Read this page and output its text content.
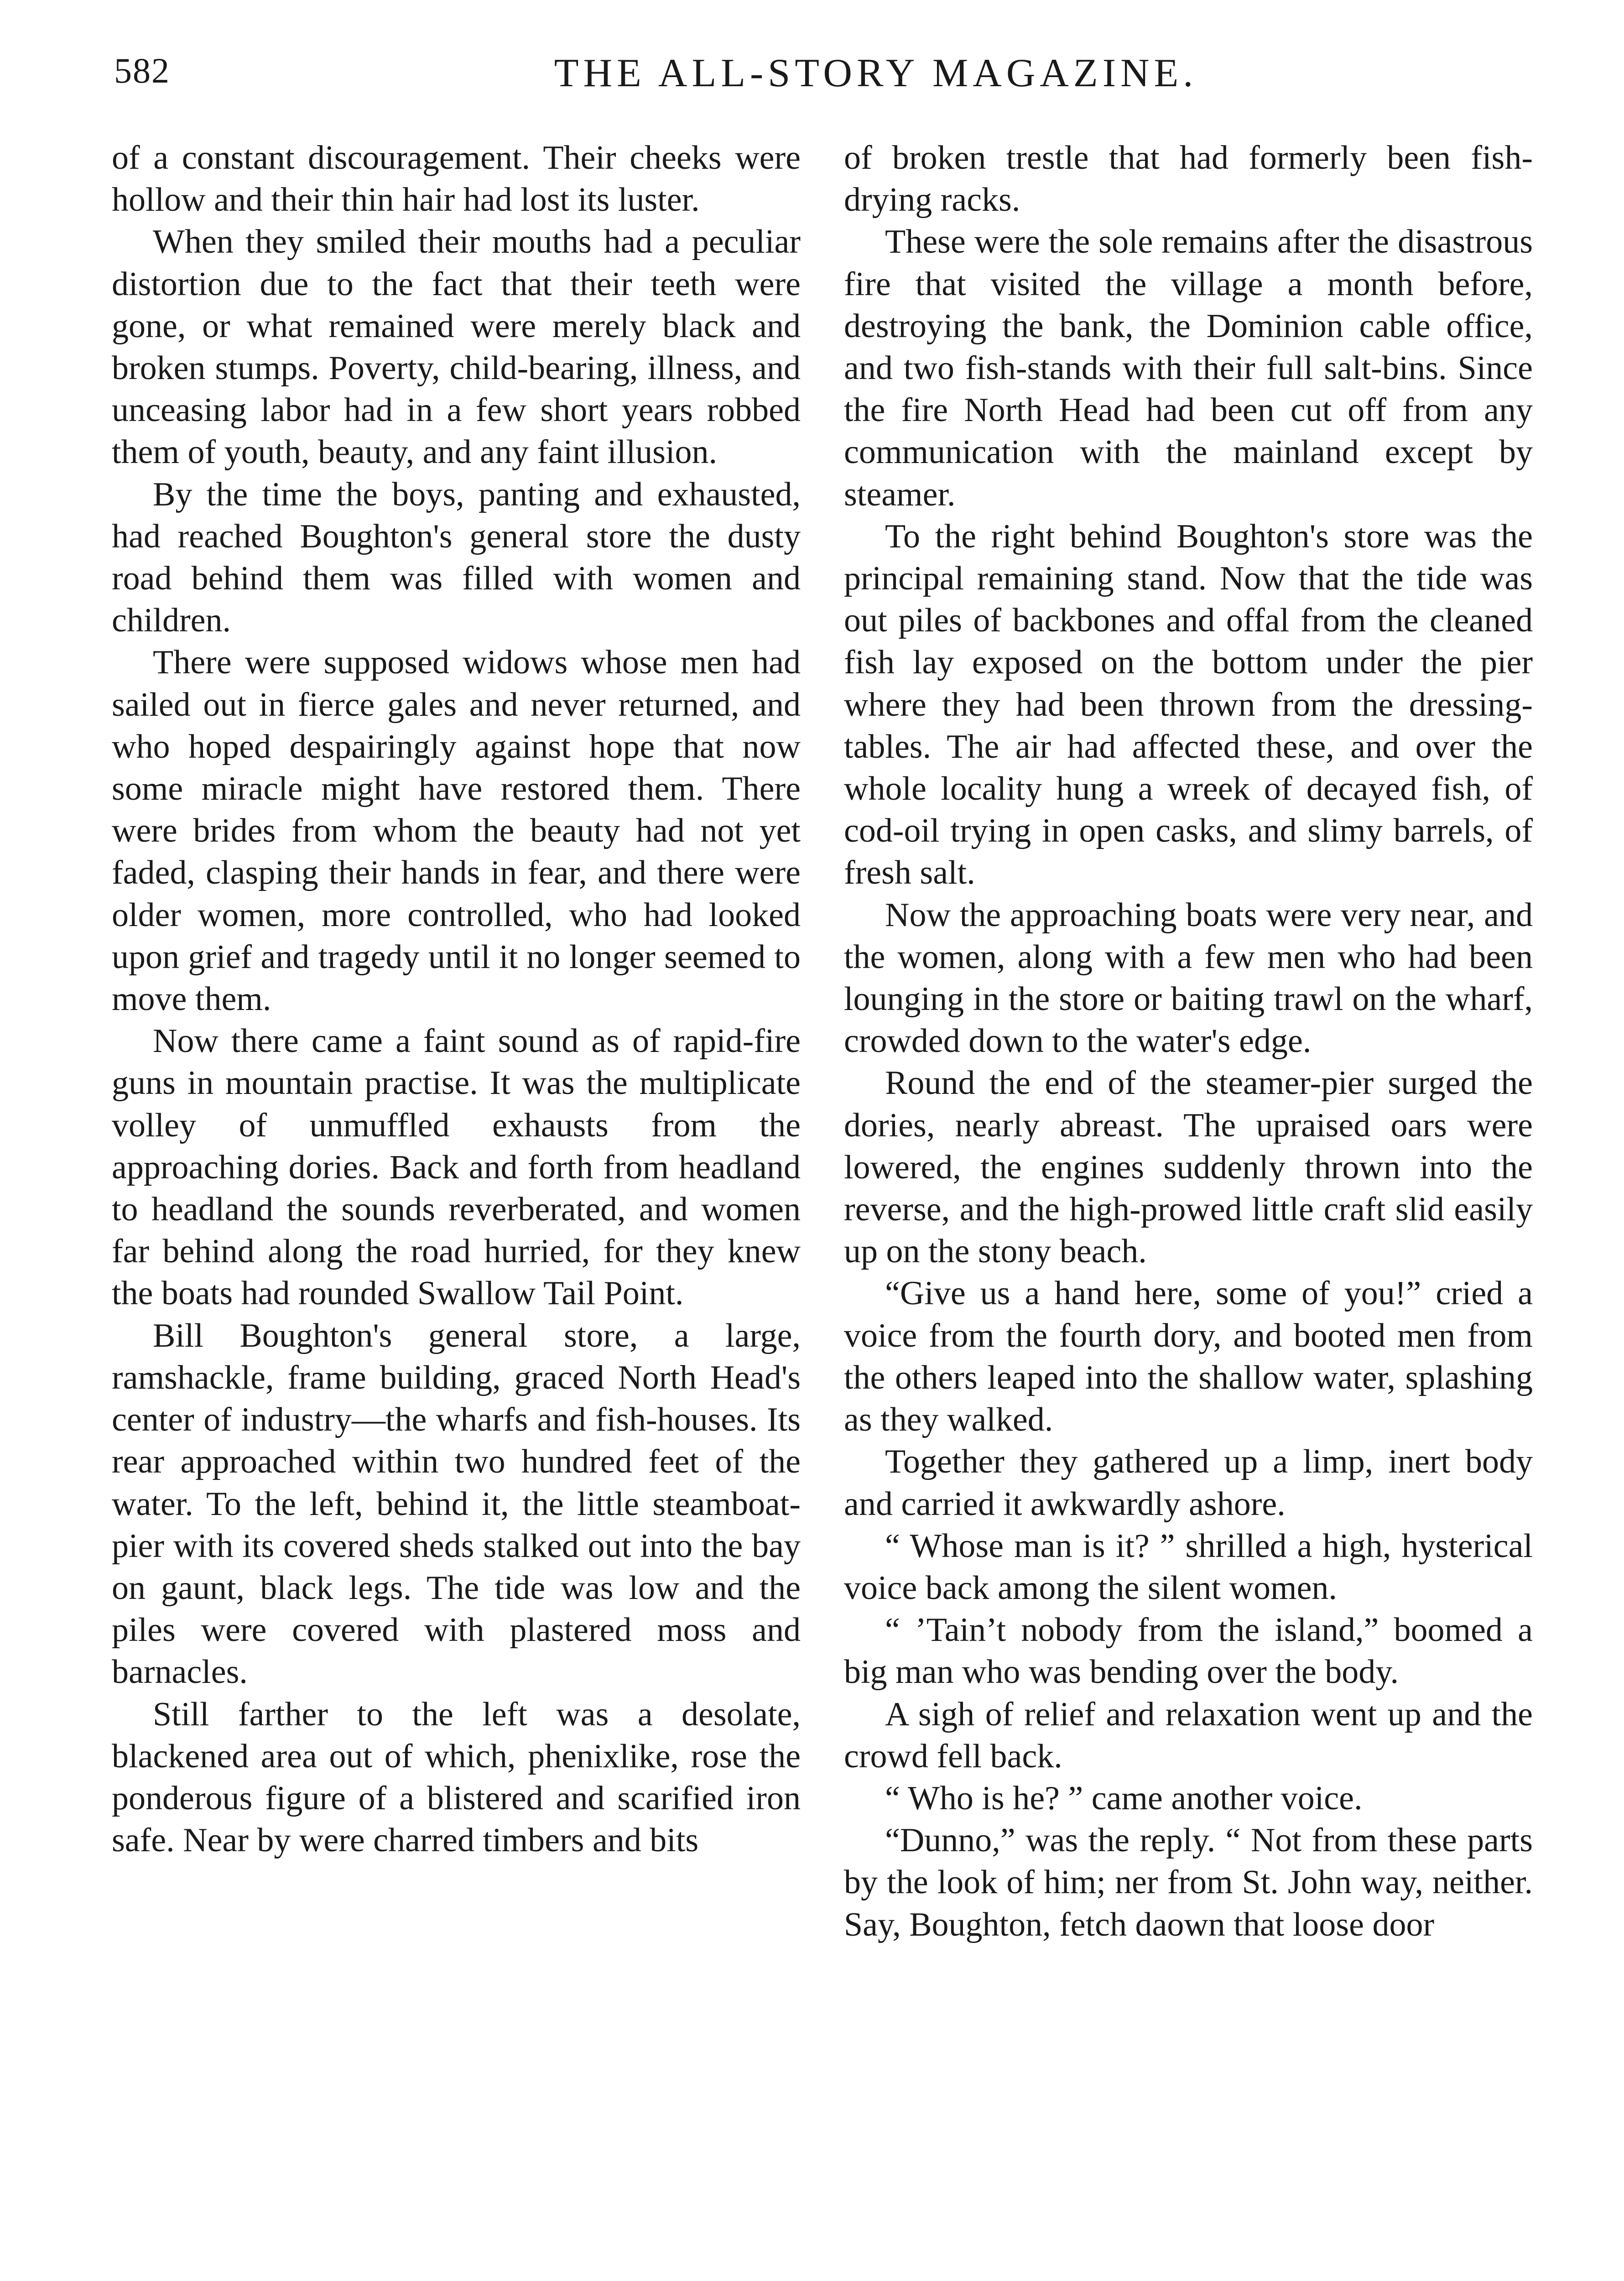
582	THE ALL-STORY MAGAZINE.

of a constant discouragement. Their cheeks were hollow and their thin hair had lost its luster.

When they smiled their mouths had a peculiar distortion due to the fact that their teeth were gone, or what remained were merely black and broken stumps. Poverty, child-bearing, illness, and unceasing labor had in a few short years robbed them of youth, beauty, and any faint illusion.

By the time the boys, panting and exhausted, had reached Boughton's general store the dusty road behind them was filled with women and children.

There were supposed widows whose men had sailed out in fierce gales and never returned, and who hoped despairingly against hope that now some miracle might have restored them. There were brides from whom the beauty had not yet faded, clasping their hands in fear, and there were older women, more controlled, who had looked upon grief and tragedy until it no longer seemed to move them.

Now there came a faint sound as of rapid-fire guns in mountain practise. It was the multiplicate volley of unmuffled exhausts from the approaching dories. Back and forth from headland to headland the sounds reverberated, and women far behind along the road hurried, for they knew the boats had rounded Swallow Tail Point.

Bill Boughton's general store, a large, ramshackle, frame building, graced North Head's center of industry—the wharfs and fish-houses. Its rear approached within two hundred feet of the water. To the left, behind it, the little steamboat-pier with its covered sheds stalked out into the bay on gaunt, black legs. The tide was low and the piles were covered with plastered moss and barnacles.

Still farther to the left was a desolate, blackened area out of which, phenixlike, rose the ponderous figure of a blistered and scarified iron safe. Near by were charred timbers and bits

of broken trestle that had formerly been fish-drying racks.

These were the sole remains after the disastrous fire that visited the village a month before, destroying the bank, the Dominion cable office, and two fish-stands with their full salt-bins. Since the fire North Head had been cut off from any communication with the mainland except by steamer.

To the right behind Boughton's store was the principal remaining stand. Now that the tide was out piles of backbones and offal from the cleaned fish lay exposed on the bottom under the pier where they had been thrown from the dressing-tables. The air had affected these, and over the whole locality hung a wreek of decayed fish, of cod-oil trying in open casks, and slimy barrels, of fresh salt.

Now the approaching boats were very near, and the women, along with a few men who had been lounging in the store or baiting trawl on the wharf, crowded down to the water's edge.

Round the end of the steamer-pier surged the dories, nearly abreast. The upraised oars were lowered, the engines suddenly thrown into the reverse, and the high-prowed little craft slid easily up on the stony beach.

“Give us a hand here, some of you!” cried a voice from the fourth dory, and booted men from the others leaped into the shallow water, splashing as they walked.

Together they gathered up a limp, inert body and carried it awkwardly ashore.

“ Whose man is it? ” shrilled a high, hysterical voice back among the silent women.

“ ’Tain’t nobody from the island,” boomed a big man who was bending over the body.

A sigh of relief and relaxation went up and the crowd fell back.

“ Who is he? ” came another voice.

“Dunno,” was the reply. “ Not from these parts by the look of him; ner from St. John way, neither. Say, Boughton, fetch daown that loose door
